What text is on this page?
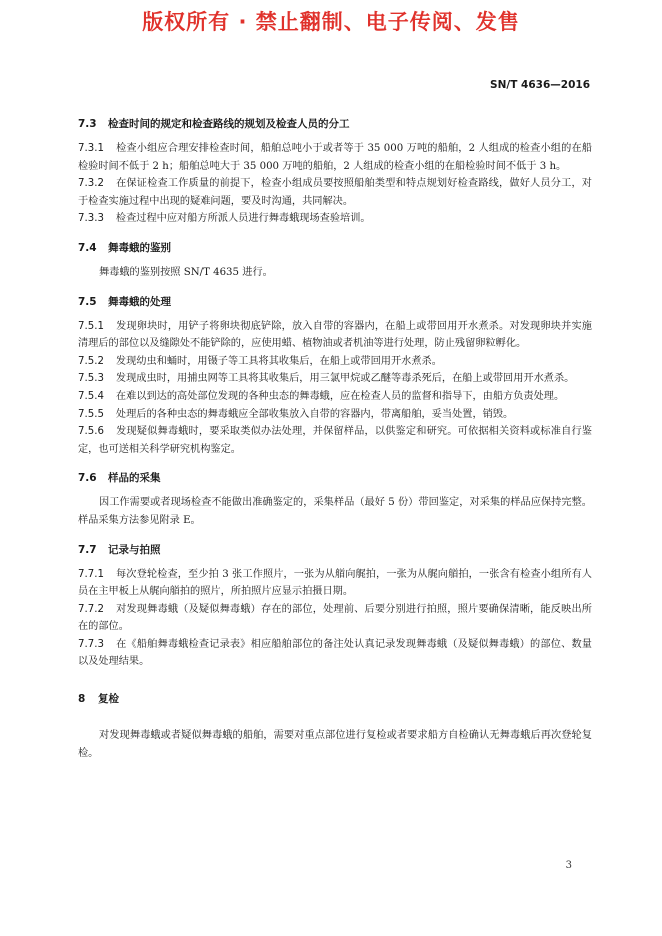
版权所有 · 禁止翻制、电子传阅、发售
SN/T 4636—2016
7.3 检查时间的规定和检查路线的规划及检查人员的分工

7.3.1 检查小组应合理安排检查时间，船舶总吨小于或者等于 35 000 万吨的船舶，2 人组成的检查小组的在船检验时间不低于 2 h；船舶总吨大于 35 000 万吨的船舶，2 人组成的检查小组的在船检验时间不低于 3 h。

7.3.2 在保证检查工作质量的前提下，检查小组成员要按照船舶类型和特点规划好检查路线，做好人员分工，对于检查实施过程中出现的疑难问题，要及时沟通，共同解决。

7.3.3 检查过程中应对船方所派人员进行舞毒蛾现场查验培训。

7.4 舞毒蛾的鉴别

舞毒蛾的鉴别按照 SN/T 4635 进行。

7.5 舞毒蛾的处理

7.5.1 发现卵块时，用铲子将卵块彻底铲除，放入自带的容器内，在船上或带回用开水煮杀。对发现卵块并实施清理后的部位以及缝隙处不能铲除的，应使用蜡、植物油或者机油等进行处理，防止残留卵粒孵化。

7.5.2 发现幼虫和蛹时，用镊子等工具将其收集后，在船上或带回用开水煮杀。

7.5.3 发现成虫时，用捕虫网等工具将其收集后，用三氯甲烷或乙醚等毒杀死后，在船上或带回用开水煮杀。

7.5.4 在难以到达的高处部位发现的各种虫态的舞毒蛾，应在检查人员的监督和指导下，由船方负责处理。

7.5.5 处理后的各种虫态的舞毒蛾应全部收集放入自带的容器内，带离船舶，妥当处置，销毁。

7.5.6 发现疑似舞毒蛾时，要采取类似办法处理，并保留样品，以供鉴定和研究。可依据相关资料或标准自行鉴定，也可送相关科学研究机构鉴定。

7.6 样品的采集

因工作需要或者现场检查不能做出准确鉴定的，采集样品（最好 5 份）带回鉴定，对采集的样品应保持完整。样品采集方法参见附录 E。

7.7 记录与拍照

7.7.1 每次登轮检查，至少拍 3 张工作照片，一张为从艏向艉拍，一张为从艉向艏拍，一张含有检查小组所有人员在主甲板上从艉向艏拍的照片，所拍照片应显示拍摄日期。

7.7.2 对发现舞毒蛾（及疑似舞毒蛾）存在的部位，处理前、后要分别进行拍照，照片要确保清晰，能反映出所在的部位。

7.7.3 在《船舶舞毒蛾检查记录表》相应船舶部位的备注处认真记录发现舞毒蛾（及疑似舞毒蛾）的部位、数量以及处理结果。

8 复检

对发现舞毒蛾或者疑似舞毒蛾的船舶，需要对重点部位进行复检或者要求船方自检确认无舞毒蛾后再次登轮复检。

3
